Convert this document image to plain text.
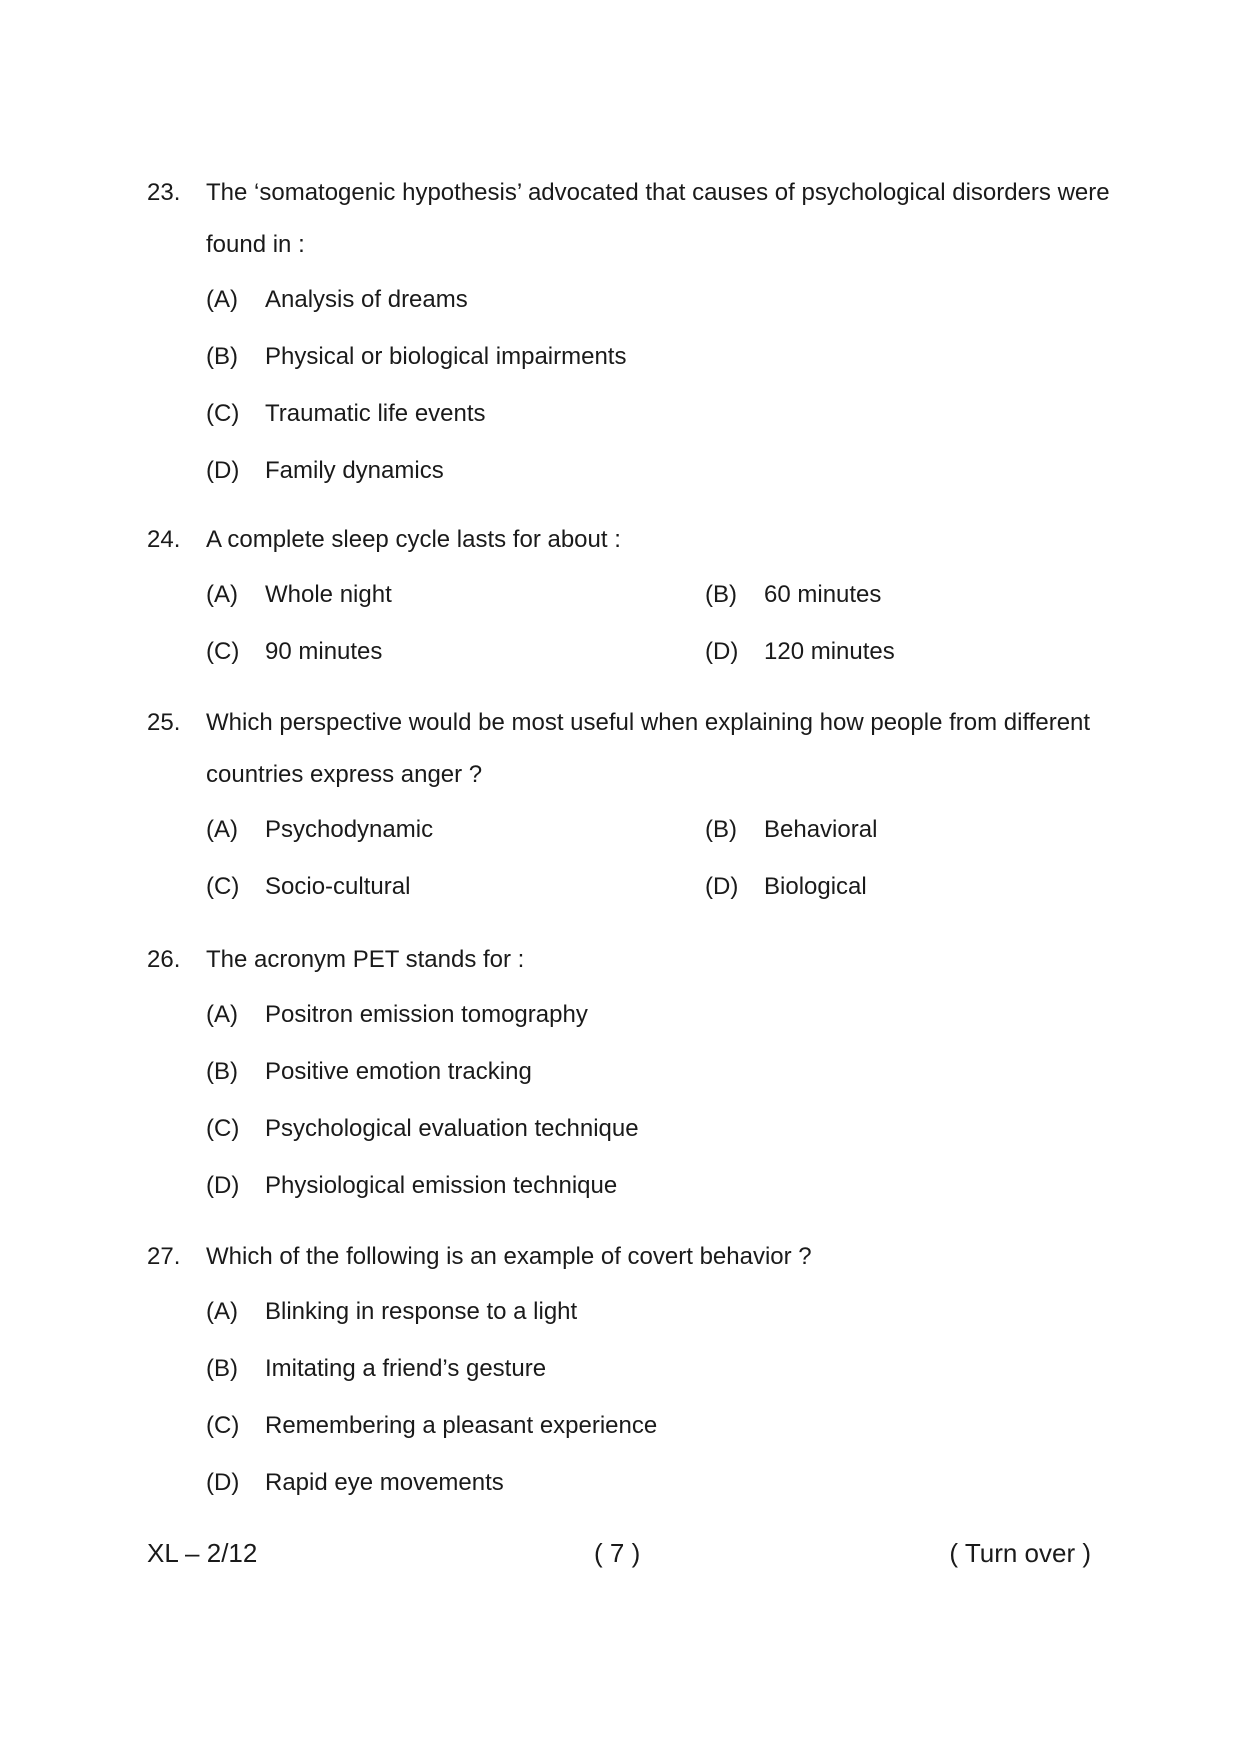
23. The ‘somatogenic hypothesis’ advocated that causes of psychological disorders were
found in :
(A) Analysis of dreams
(B) Physical or biological impairments
(C) Traumatic life events
(D) Family dynamics
24. A complete sleep cycle lasts for about :
(A) Whole night	(B) 60 minutes
(C) 90 minutes	(D) 120 minutes
25. Which perspective would be most useful when explaining how people from different
countries express anger ?
(A) Psychodynamic	(B) Behavioral
(C) Socio-cultural	(D) Biological
26. The acronym PET stands for :
(A) Positron emission tomography
(B) Positive emotion tracking
(C) Psychological evaluation technique
(D) Physiological emission technique
27. Which of the following is an example of covert behavior ?
(A) Blinking in response to a light
(B) Imitating a friend’s gesture
(C) Remembering a pleasant experience
(D) Rapid eye movements
XL – 2/12	( 7 )	( Turn over )
